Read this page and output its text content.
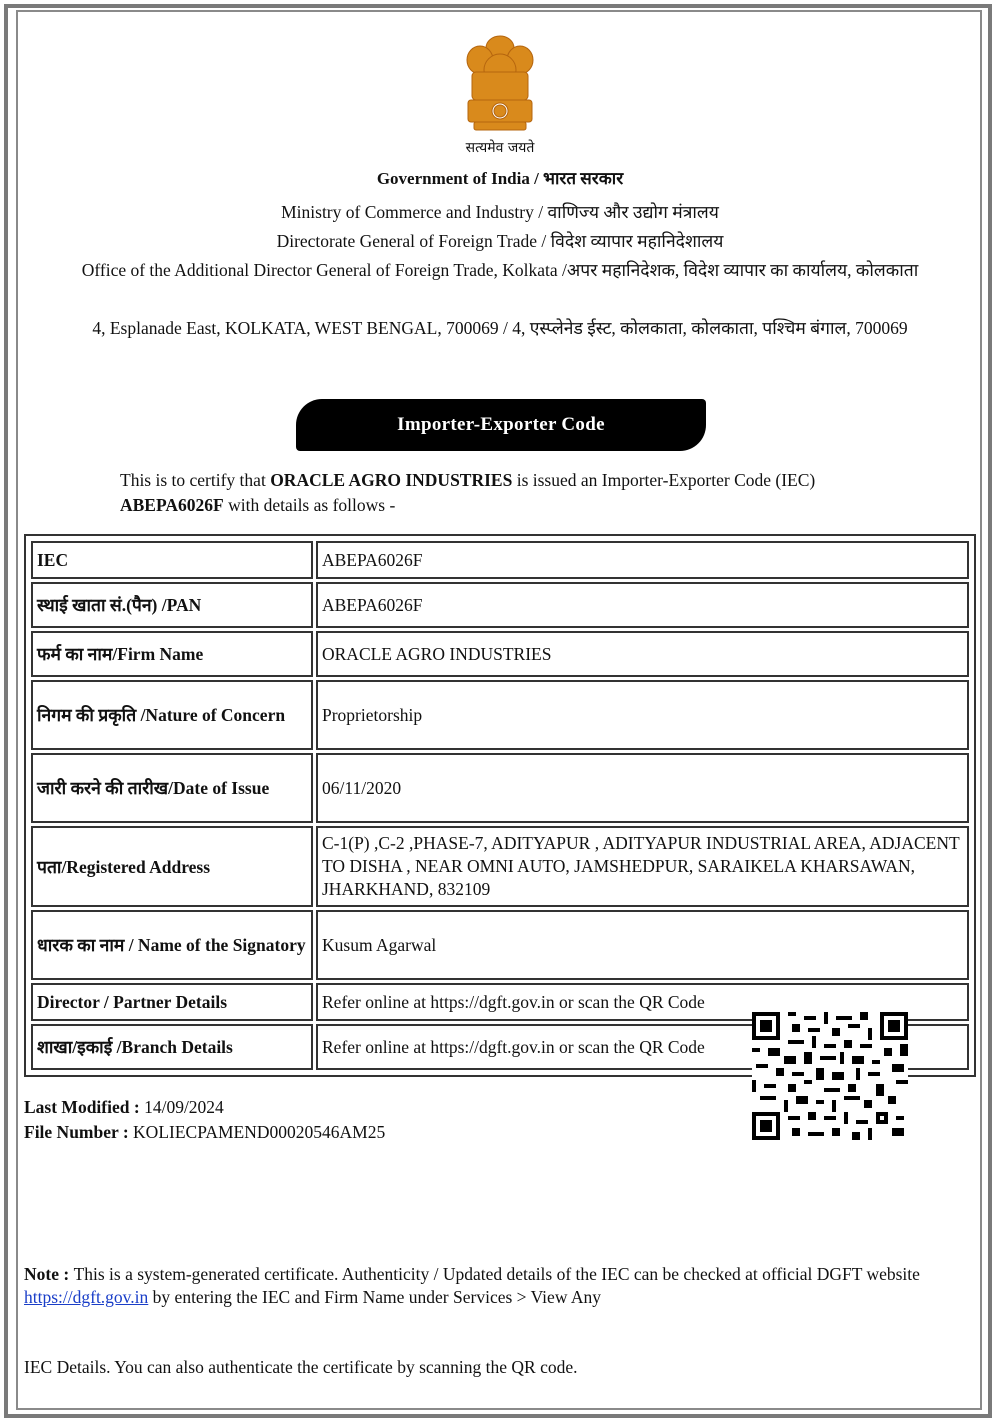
सत्यमेव जयते
Government of India / भारत सरकार
Ministry of Commerce and Industry / वाणिज्य और उद्योग मंत्रालय
Directorate General of Foreign Trade / विदेश व्यापार महानिदेशालय
Office of the Additional Director General of Foreign Trade, Kolkata /अपर महानिदेशक, विदेश व्यापार का कार्यालय, कोलकाता
4, Esplanade East, KOLKATA, WEST BENGAL, 700069 / 4, एस्प्लेनेड ईस्ट, कोलकाता, कोलकाता, पश्चिम बंगाल, 700069
Importer-Exporter Code
This is to certify that ORACLE AGRO INDUSTRIES is issued an Importer-Exporter Code (IEC) ABEPA6026F with details as follows -
IEC	ABEPA6026F
स्थाई खाता सं.(पैन) /PAN	ABEPA6026F
फर्म का नाम/Firm Name	ORACLE AGRO INDUSTRIES
निगम की प्रकृति /Nature of Concern	Proprietorship
जारी करने की तारीख/Date of Issue	06/11/2020
पता/Registered Address	C-1(P) ,C-2 ,PHASE-7, ADITYAPUR , ADITYAPUR INDUSTRIAL AREA, ADJACENT TO DISHA , NEAR OMNI AUTO, JAMSHEDPUR, SARAIKELA KHARSAWAN, JHARKHAND, 832109
धारक का नाम / Name of the Signatory	Kusum Agarwal
Director / Partner Details	Refer online at https://dgft.gov.in or scan the QR Code
शाखा/इकाई /Branch Details	Refer online at https://dgft.gov.in or scan the QR Code
Last Modified : 14/09/2024
File Number : KOLIECPAMEND00020546AM25
Note : This is a system-generated certificate. Authenticity / Updated details of the IEC can be checked at official DGFT website https://dgft.gov.in by entering the IEC and Firm Name under Services > View Any
IEC Details. You can also authenticate the certificate by scanning the QR code.
